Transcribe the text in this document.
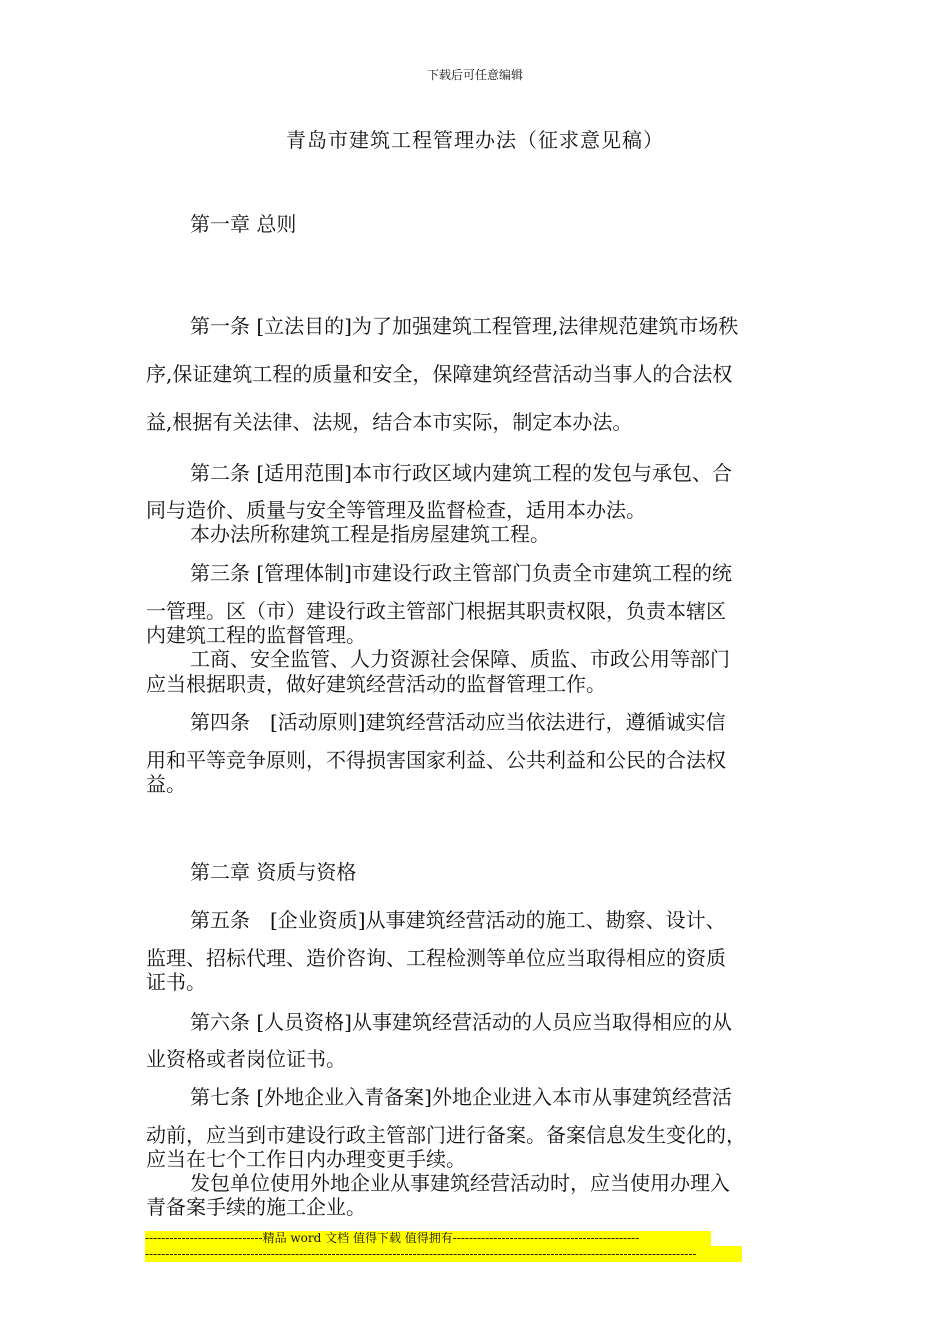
下载后可任意编辑
青岛市建筑工程管理办法（征求意见稿）
第一章 总则
第一条 [立法目的]为了加强建筑工程管理,法律规范建筑市场秩
序,保证建筑工程的质量和安全，保障建筑经营活动当事人的合法权
益,根据有关法律、法规，结合本市实际，制定本办法。
第二条 [适用范围]本市行政区域内建筑工程的发包与承包、合
同与造价、质量与安全等管理及监督检查，适用本办法。
本办法所称建筑工程是指房屋建筑工程。
第三条 [管理体制]市建设行政主管部门负责全市建筑工程的统
一管理。区（市）建设行政主管部门根据其职责权限，负责本辖区
内建筑工程的监督管理。
工商、安全监管、人力资源社会保障、质监、市政公用等部门
应当根据职责，做好建筑经营活动的监督管理工作。
第四条　[活动原则]建筑经营活动应当依法进行，遵循诚实信
用和平等竞争原则，不得损害国家利益、公共利益和公民的合法权
益。
第二章 资质与资格
第五条　[企业资质]从事建筑经营活动的施工、勘察、设计、
监理、招标代理、造价咨询、工程检测等单位应当取得相应的资质
证书。
第六条 [人员资格]从事建筑经营活动的人员应当取得相应的从
业资格或者岗位证书。
第七条 [外地企业入青备案]外地企业进入本市从事建筑经营活
动前，应当到市建设行政主管部门进行备案。备案信息发生变化的，
应当在七个工作日内办理变更手续。
发包单位使用外地企业从事建筑经营活动时，应当使用办理入
青备案手续的施工企业。
-----------------------------精品 word 文档 值得下载 值得拥有----------------------------------------------
----------------------------------------------------------------------------------------------------------------------------------------
